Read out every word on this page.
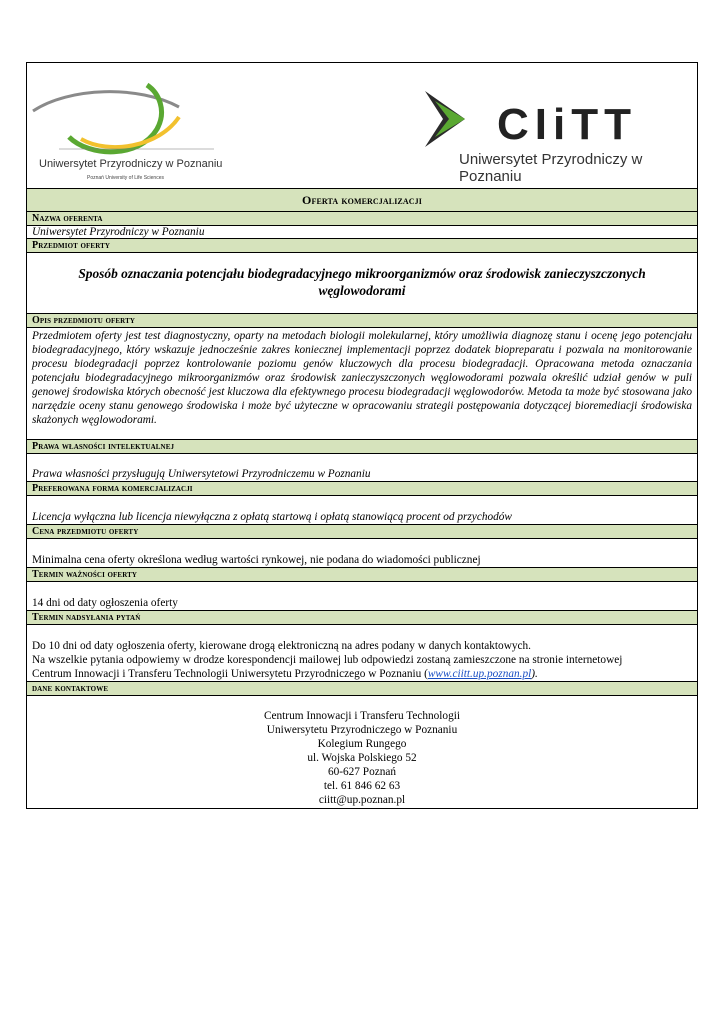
Uniwersytet Przyrodniczy w Poznaniu
Poznań University of Life Sciences
CIiTT
Uniwersytet Przyrodniczy w Poznaniu
Oferta komercjalizacji
Nazwa oferenta
Uniwersytet Przyrodniczy w Poznaniu
Przedmiot oferty
Sposób oznaczania potencjału biodegradacyjnego mikroorganizmów oraz środowisk zanieczyszczonych węglowodorami
Opis przedmiotu oferty
Przedmiotem oferty jest test diagnostyczny, oparty na metodach biologii molekularnej, który umożliwia diagnozę stanu i ocenę jego potencjału biodegradacyjnego, który wskazuje jednocześnie zakres koniecznej implementacji poprzez dodatek biopreparatu i pozwala na monitorowanie procesu biodegradacji poprzez kontrolowanie poziomu genów kluczowych dla procesu biodegradacji. Opracowana metoda oznaczania potencjału biodegradacyjnego mikroorganizmów oraz środowisk zanieczyszczonych węglowodorami pozwala określić udział genów w puli genowej środowiska których obecność jest kluczowa dla efektywnego procesu biodegradacji węglowodorów. Metoda ta może być stosowana jako narzędzie oceny stanu genowego środowiska i może być użyteczne w opracowaniu strategii postępowania dotyczącej bioremediacji środowiska skażonych węglowodorami.
Prawa własności intelektualnej
Prawa własności przysługują Uniwersytetowi Przyrodniczemu w Poznaniu
Preferowana forma komercjalizacji
Licencja wyłączna lub licencja niewyłączna z opłatą startową i opłatą stanowiącą procent od przychodów
Cena przedmiotu oferty
Minimalna cena oferty określona według wartości rynkowej, nie podana do wiadomości publicznej
Termin ważności oferty
14 dni od daty ogłoszenia oferty
Termin nadsyłania pytań
Do 10 dni od daty ogłoszenia oferty, kierowane drogą elektroniczną na adres podany w danych kontaktowych.
Na wszelkie pytania odpowiemy w drodze korespondencji mailowej lub odpowiedzi zostaną zamieszczone na stronie internetowej
Centrum Innowacji i Transferu Technologii Uniwersytetu Przyrodniczego w Poznaniu (www.ciitt.up.poznan.pl).
dane kontaktowe
Centrum Innowacji i Transferu Technologii
Uniwersytetu Przyrodniczego w Poznaniu
Kolegium Rungego
ul. Wojska Polskiego 52
60-627 Poznań
tel. 61 846 62 63
ciitt@up.poznan.pl
